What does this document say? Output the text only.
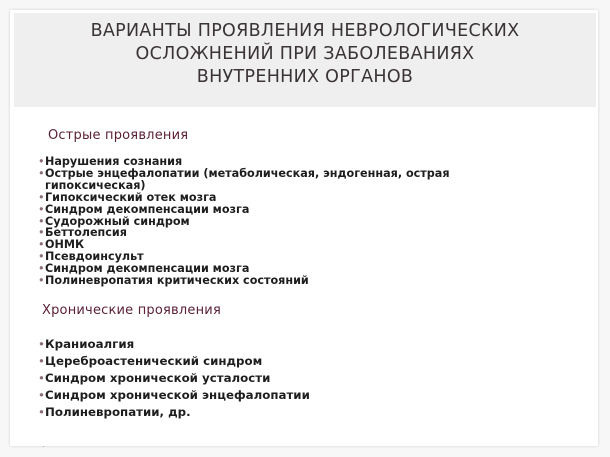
ВАРИАНТЫ ПРОЯВЛЕНИЯ НЕВРОЛОГИЧЕСКИХ
ОСЛОЖНЕНИЙ ПРИ ЗАБОЛЕВАНИЯХ
ВНУТРЕННИХ ОРГАНОВ
Острые проявления
• Нарушения сознания
• Острые энцефалопатии (метаболическая, эндогенная, острая
гипоксическая)
• Гипоксический отек мозга
• Синдром декомпенсации мозга
• Судорожный синдром
• Беттолепсия
• ОНМК
• Псевдоинсульт
• Синдром декомпенсации мозга
• Полиневропатия критических состояний
Хронические проявления
• Краниоалгия
• Цереброастенический синдром
• Синдром хронической усталости
• Синдром хронической энцефалопатии
• Полиневропатии, др.
.
